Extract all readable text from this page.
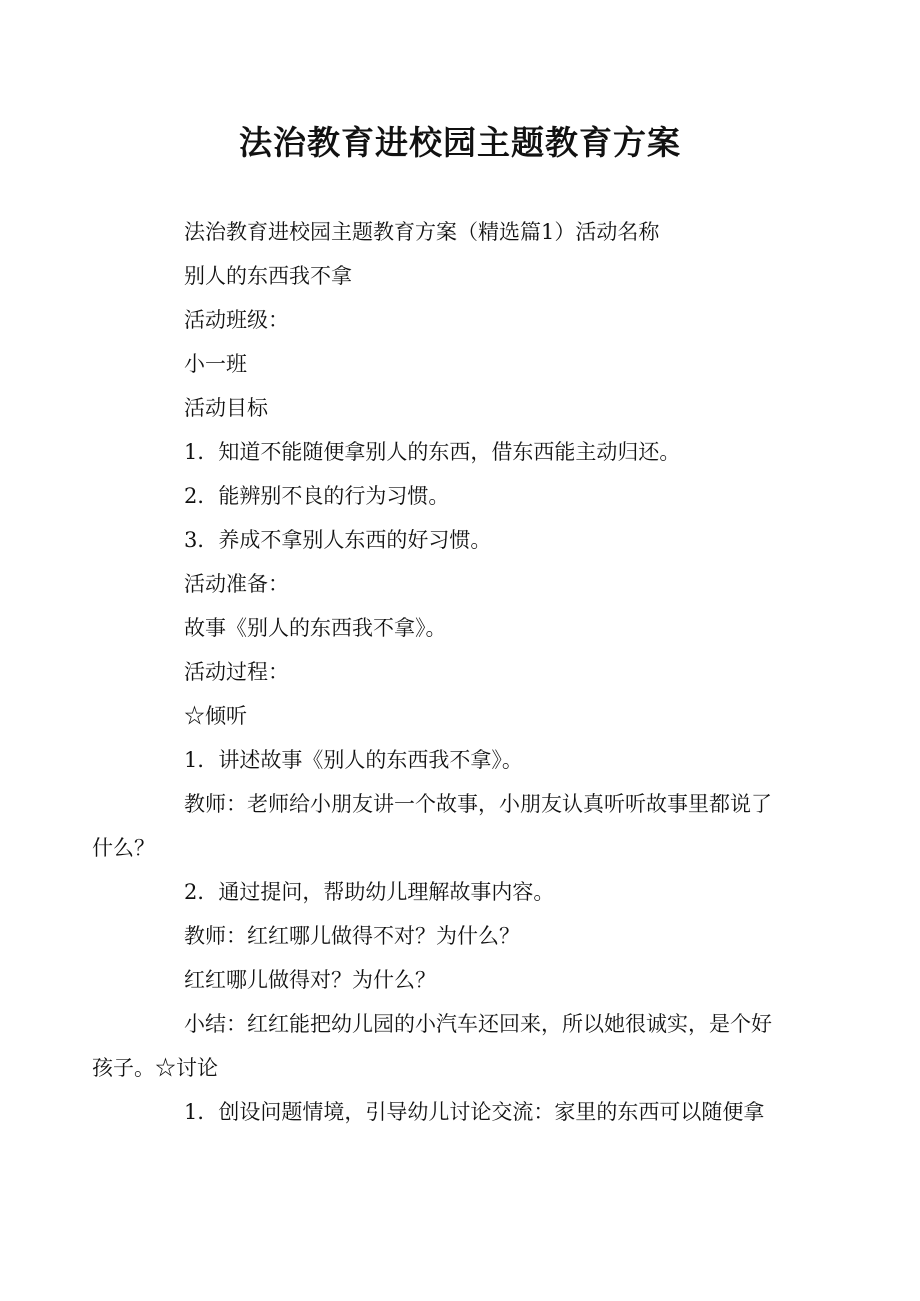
法治教育进校园主题教育方案

法治教育进校园主题教育方案（精选篇1）活动名称

别人的东西我不拿

活动班级：

小一班

活动目标

1．知道不能随便拿别人的东西，借东西能主动归还。

2．能辨别不良的行为习惯。

3．养成不拿别人东西的好习惯。

活动准备：

故事《别人的东西我不拿》。

活动过程：

☆倾听

1．讲述故事《别人的东西我不拿》。

教师：老师给小朋友讲一个故事，小朋友认真听听故事里都说了什么？

2．通过提问，帮助幼儿理解故事内容。

教师：红红哪儿做得不对？为什么？

红红哪儿做得对？为什么？

小结：红红能把幼儿园的小汽车还回来，所以她很诚实，是个好孩子。☆讨论

1．创设问题情境，引导幼儿讨论交流：家里的东西可以随便拿
